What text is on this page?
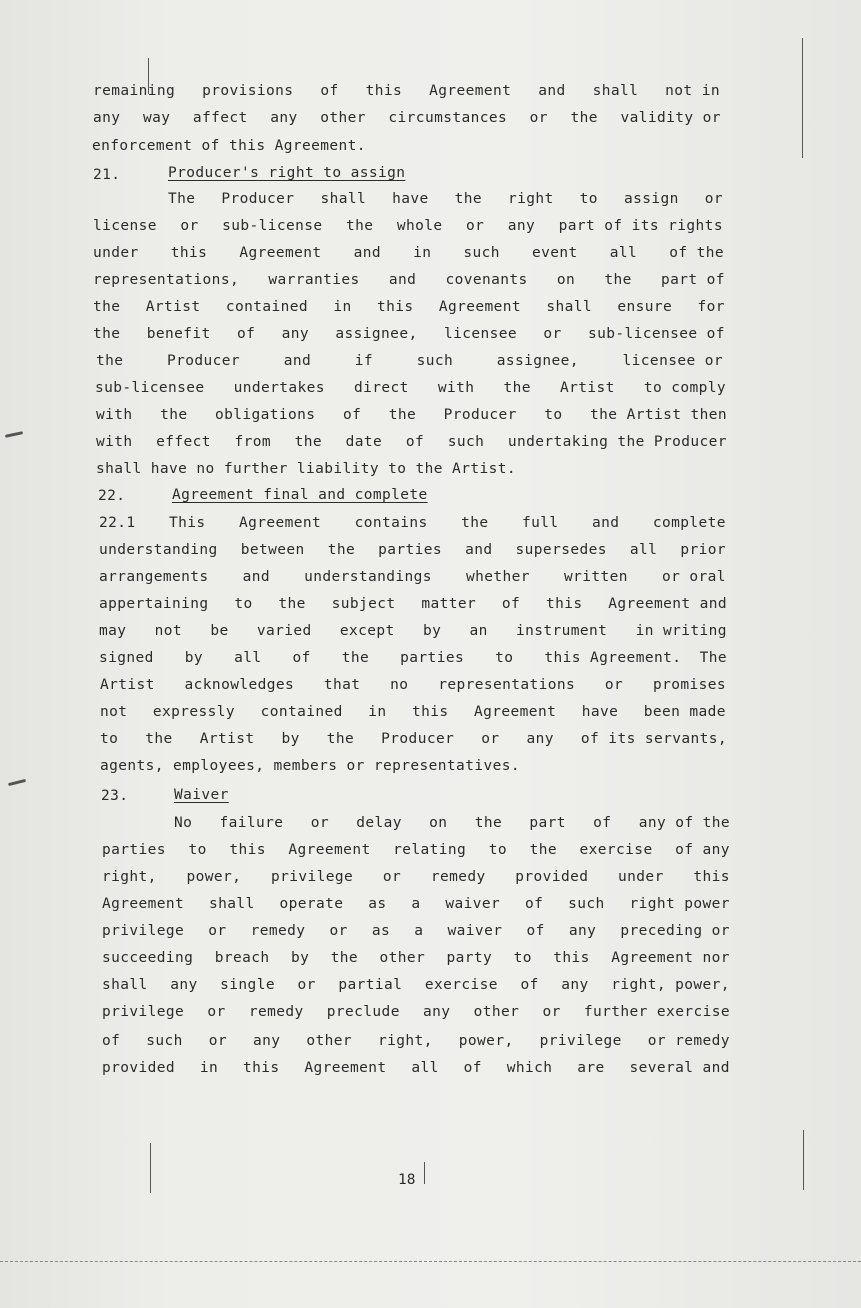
remaining provisions of this Agreement and shall not in
any way affect any other circumstances or the validity or
enforcement of this Agreement.
21.	Producer's right to assign
The Producer shall have the right to assign or
license or sub-license the whole or any part of its rights
under this Agreement and in such event all of the
representations, warranties and covenants on the part of
the Artist contained in this Agreement shall ensure for
the benefit of any assignee, licensee or sub-licensee of
the	Producer	and	if	such	assignee,	licensee or
sub-licensee undertakes direct with the Artist to comply
with the obligations of the Producer to the Artist then
with effect from the date of such undertaking the Producer
shall have no further liability to the Artist.
22.	Agreement final and complete
22.1 This Agreement contains the full and complete
understanding between the parties and supersedes all prior
arrangements and understandings whether written or oral
appertaining to the subject matter of this Agreement and
may not be varied except by an instrument in writing
signed by all of the parties to this Agreement.  The
Artist acknowledges that no representations or promises
not expressly contained in this Agreement have been made
to the Artist by the Producer or any of its servants,
agents, employees, members or representatives.
23.	Waiver
No failure or delay on the part of any of the
parties to this Agreement relating to the exercise of any
right, power, privilege or remedy provided under this
Agreement shall operate as a waiver of such right power
privilege or remedy or as a waiver of any preceding or
succeeding breach by the other party to this Agreement nor
shall any single or partial exercise of any right, power,
privilege or remedy preclude any other or further exercise
of such or any other right, power, privilege or remedy
provided in this Agreement all of which are several and
18
